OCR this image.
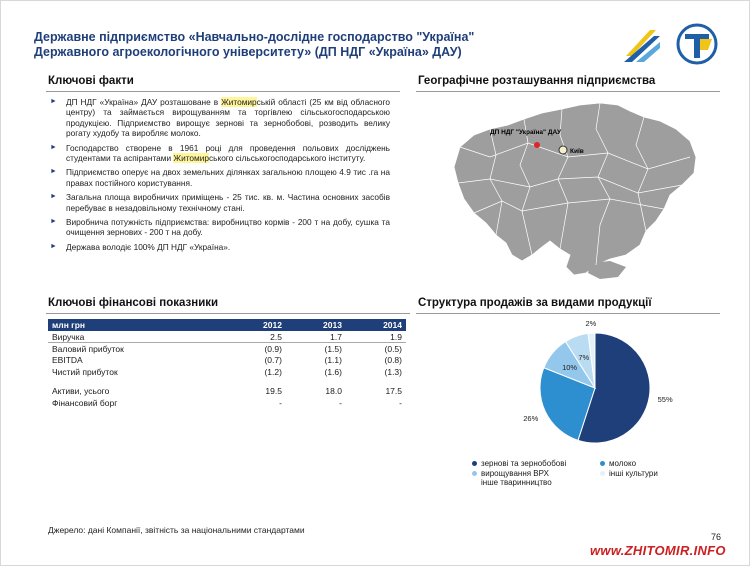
Державне підприємство «Навчально-дослідне господарство "Україна"
Державного агроекологічного університету» (ДП НДГ «Україна» ДАУ)
Ключові факти
► ДП НДГ «Україна» ДАУ розташоване в Житомирській області (25 км від обласного центру) та займається вирощуванням та торгівлею сільськогосподарською продукцією. Підприємство вирощує зернові та зернобобові, розводить велику рогату худобу та виробляє молоко.
► Господарство створене в 1961 році для проведення польових досліджень студентами та аспірантами Житомирського сільськогосподарського інституту.
► Підприємство оперує на двох земельних ділянках загальною площею 4.9 тис .га на правах постійного користування.
► Загальна площа виробничих приміщень - 25 тис. кв. м. Частина основних засобів перебуває в незадовільному технічному стані.
► Виробнича потужність підприємства: виробництво кормів - 200 т на добу, сушка та очищення зернових - 200 т на добу.
► Держава володіє 100% ДП НДГ «Україна».
Географічне розташування підприємства
ДП НДГ "Україна" ДАУ
Київ
Ключові фінансові показники
млн грн	2012	2013	2014
Виручка	2.5	1.7	1.9
Валовий прибуток	(0.9)	(1.5)	(0.5)
EBITDA	(0.7)	(1.1)	(0.8)
Чистий прибуток	(1.2)	(1.6)	(1.3)

Активи, усього	19.5	18.0	17.5
Фінансовий борг	-	-	-
Структура продажів за видами продукції
55%
26%
10%
7%
2%
зернові та зернобобові	молоко
вирощування ВРХ
інше тваринництво
інші культури
Джерело: дані Компанії, звітність за національними стандартами
76
www.ZHITOMIR.INFO
